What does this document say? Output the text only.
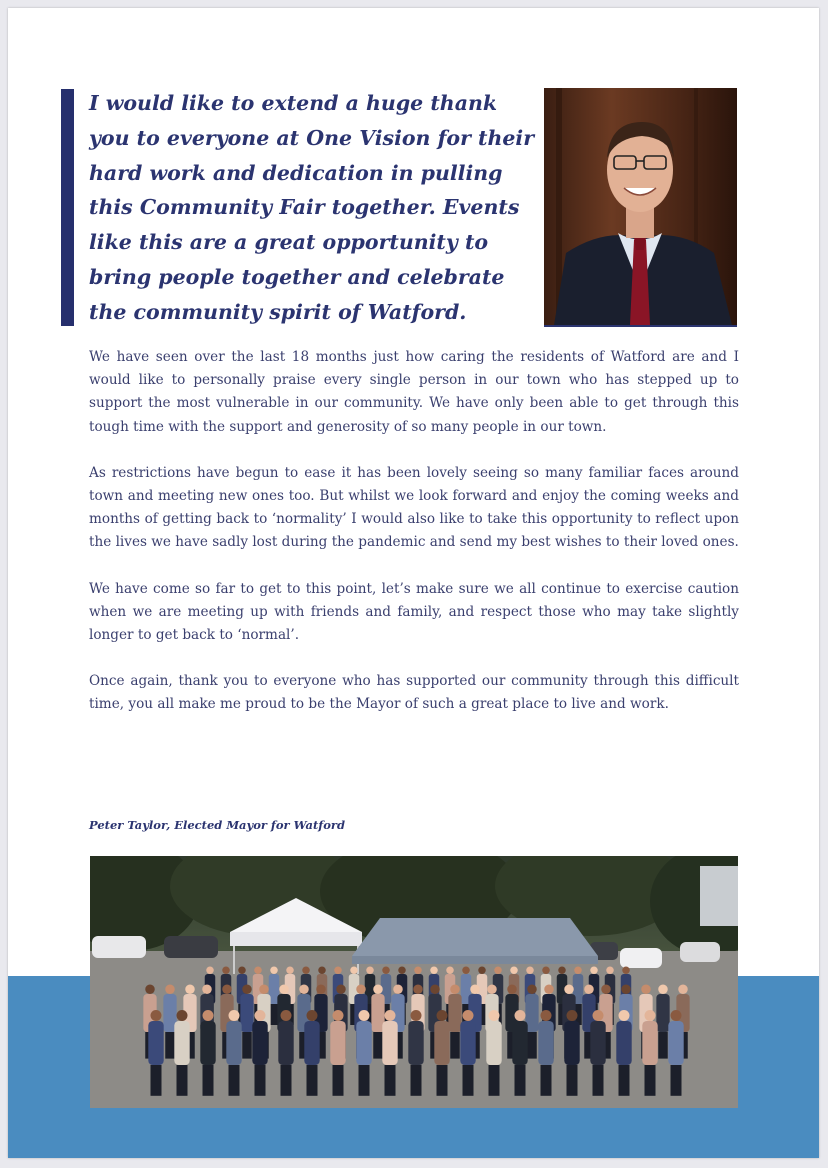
I would like to extend a huge thank you to everyone at One Vision for their hard work and dedication in pulling this Community Fair together. Events like this are a great opportunity to bring people together and celebrate the community spirit of Watford.

We have seen over the last 18 months just how caring the residents of Watford are and I would like to personally praise every single person in our town who has stepped up to support the most vulnerable in our community. We have only been able to get through this tough time with the support and generosity of so many people in our town.

As restrictions have begun to ease it has been lovely seeing so many familiar faces around town and meeting new ones too. But whilst we look forward and enjoy the coming weeks and months of getting back to ‘normality’ I would also like to take this opportunity to reflect upon the lives we have sadly lost during the pandemic and send my best wishes to their loved ones.

We have come so far to get to this point, let’s make sure we all continue to exercise caution when we are meeting up with friends and family, and respect those who may take slightly longer to get back to ‘normal’.

Once again, thank you to everyone who has supported our community through this difficult time, you all make me proud to be the Mayor of such a great place to live and work.

Peter Taylor, Elected Mayor for Watford
